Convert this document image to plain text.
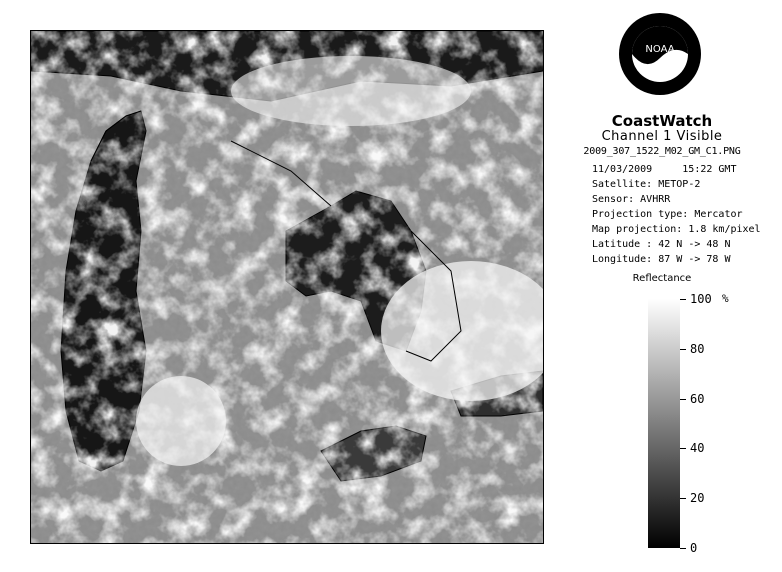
NOAA
CoastWatch
Channel 1 Visible
2009_307_1522_M02_GM_C1.PNG
11/03/2009	15:22 GMT
Satellite: METOP-2
Sensor: AVHRR
Projection type: Mercator
Map projection: 1.8 km/pixel
Latitude : 42 N -> 48 N
Longitude: 87 W -> 78 W
Reflectance
%
100
80
60
40
20
0
